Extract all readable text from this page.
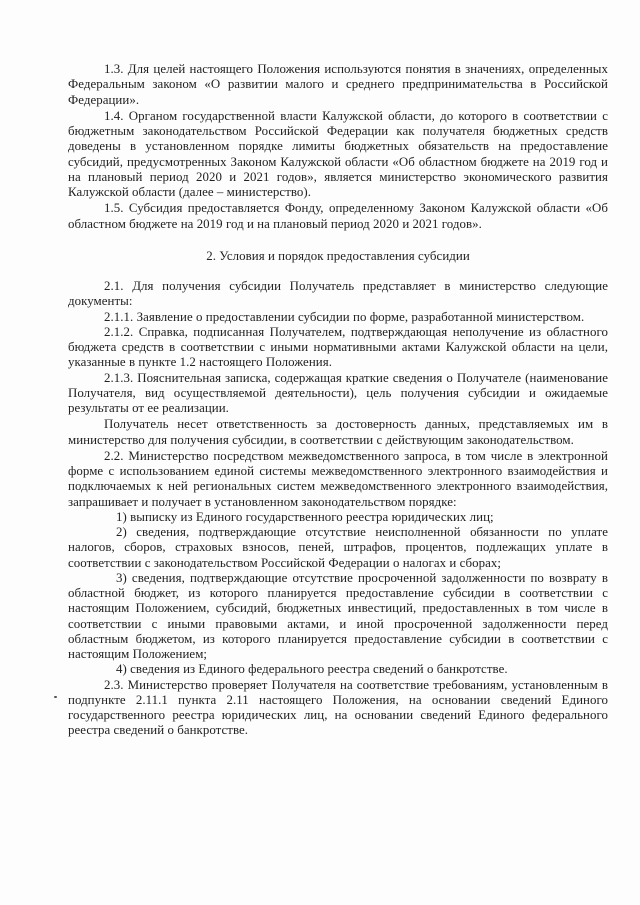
1.3. Для целей настоящего Положения используются понятия в значениях, определенных Федеральным законом «О развитии малого и среднего предпринимательства в Российской Федерации».

1.4. Органом государственной власти Калужской области, до которого в соответствии с бюджетным законодательством Российской Федерации как получателя бюджетных средств доведены в установленном порядке лимиты бюджетных обязательств на предоставление субсидий, предусмотренных Законом Калужской области «Об областном бюджете на 2019 год и на плановый период 2020 и 2021 годов», является министерство экономического развития Калужской области (далее – министерство).

1.5. Субсидия предоставляется Фонду, определенному Законом Калужской области «Об областном бюджете на 2019 год и на плановый период 2020 и 2021 годов».

2. Условия и порядок предоставления субсидии

2.1. Для получения субсидии Получатель представляет в министерство следующие документы:

2.1.1. Заявление о предоставлении субсидии по форме, разработанной министерством.

2.1.2. Справка, подписанная Получателем, подтверждающая неполучение из областного бюджета средств в соответствии с иными нормативными актами Калужской области на цели, указанные в пункте 1.2 настоящего Положения.

2.1.3. Пояснительная записка, содержащая краткие сведения о Получателе (наименование Получателя, вид осуществляемой деятельности), цель получения субсидии и ожидаемые результаты от ее реализации.

Получатель несет ответственность за достоверность данных, представляемых им в министерство для получения субсидии, в соответствии с действующим законодательством.

2.2. Министерство посредством межведомственного запроса, в том числе в электронной форме с использованием единой системы межведомственного электронного взаимодействия и подключаемых к ней региональных систем межведомственного электронного взаимодействия, запрашивает и получает в установленном законодательством порядке:

1) выписку из Единого государственного реестра юридических лиц;

2) сведения, подтверждающие отсутствие неисполненной обязанности по уплате налогов, сборов, страховых взносов, пеней, штрафов, процентов, подлежащих уплате в соответствии с законодательством Российской Федерации о налогах и сборах;

3) сведения, подтверждающие отсутствие просроченной задолженности по возврату в областной бюджет, из которого планируется предоставление субсидии в соответствии с настоящим Положением, субсидий, бюджетных инвестиций, предоставленных в том числе в соответствии с иными правовыми актами, и иной просроченной задолженности перед областным бюджетом, из которого планируется предоставление субсидии в соответствии с настоящим Положением;

4) сведения из Единого федерального реестра сведений о банкротстве.

2.3. Министерство проверяет Получателя на соответствие требованиям, установленным в подпункте 2.11.1 пункта 2.11 настоящего Положения, на основании сведений Единого государственного реестра юридических лиц, на основании сведений Единого федерального реестра сведений о банкротстве.
